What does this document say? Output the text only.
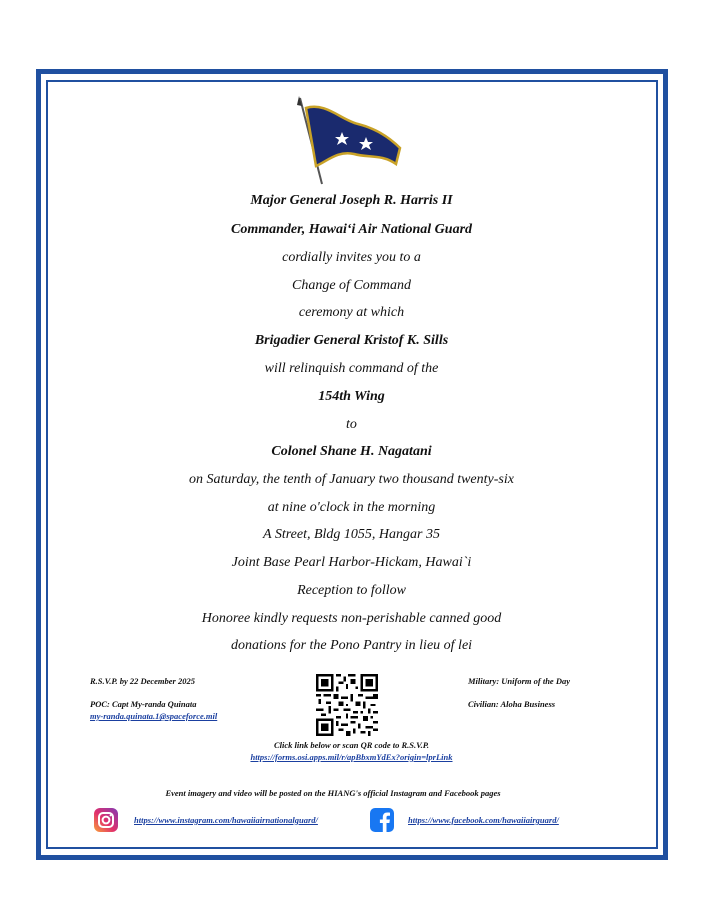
Major General Joseph R. Harris II
Commander, Hawaiʻi Air National Guard
cordially invites you to a
Change of Command
ceremony at which
Brigadier General Kristof K. Sills
will relinquish command of the
154th Wing
to
Colonel Shane H. Nagatani
on Saturday, the tenth of January two thousand twenty-six
at nine o'clock in the morning
A Street, Bldg 1055, Hangar 35
Joint Base Pearl Harbor-Hickam, Hawai`i
Reception to follow
Honoree kindly requests non-perishable canned good
donations for the Pono Pantry in lieu of lei
R.S.V.P. by 22 December 2025
POC: Capt My-randa Quinata
my-randa.quinata.1@spaceforce.mil
Military: Uniform of the Day
Civilian: Aloha Business
Click link below or scan QR code to R.S.V.P.
https://forms.osi.apps.mil/r/apBbxmYdEx?origin=lprLink
Event imagery and video will be posted on the HIANG's official Instagram and Facebook pages
https://www.instagram.com/hawaiiairnationalguard/	https://www.facebook.com/hawaiiairguard/
